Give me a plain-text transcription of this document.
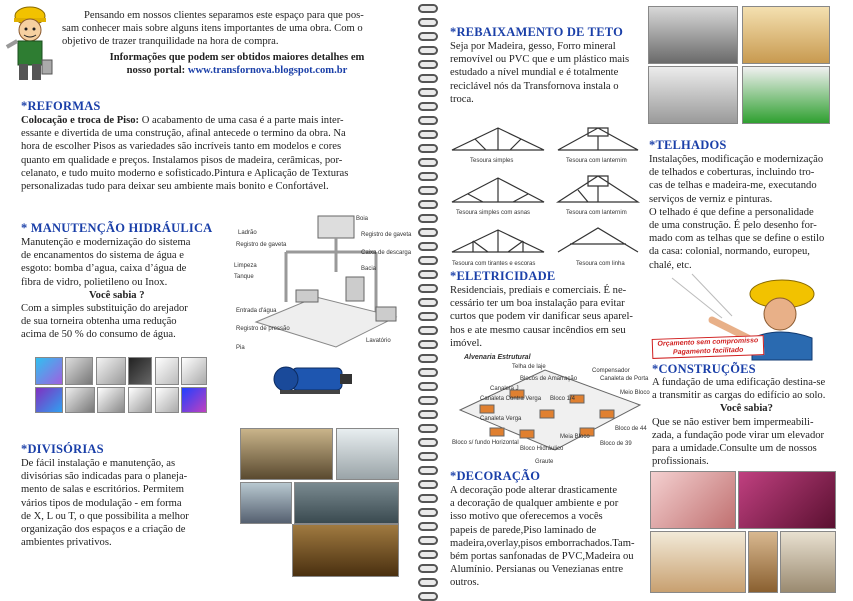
Pensando em nossos clientes separamos este espaço para que pos-
sam conhecer mais sobre alguns itens importantes de uma obra. Com o
objetivo de trazer tranquilidade na hora de compra.
Informações que podem ser obtidos maiores detalhes em
nosso portal: www.transfornova.blogspot.com.br
*REFORMAS
Colocação e troca de Piso: O acabamento de uma casa é a parte mais inter-
essante e divertida de uma construção, afinal antecede o termino da obra. Na
hora de escolher Pisos as variedades são incríveis tanto em modelos e cores
quanto em qualidade e preços. Instalamos pisos de madeira, cerâmicas, por-
celanato, e tudo muito moderno e sofisticado.Pintura e Aplicação de Texturas
personalizadas tudo para deixar seu ambiente mais bonito e Confortável.
* MANUTENÇÃO HIDRÁULICA
Manutenção e modernização do sistema
de encanamentos do sistema de água e
esgoto: bomba d’agua, caixa d’água de
fibra de vidro, polietileno ou Inox.
Você sabia ?
Com a simples substituição do arejador
de sua torneira obtenha uma redução
acima de 50 % do consumo de água.
Boia
Ladrão
Registro de gaveta
Registro de gaveta
Caixa de descarga
Limpeza
Tanque
Bacia
Entrada d'água
Registro de pressão
Pia
Lavatório
*DIVISÓRIAS
De fácil instalação e manutenção, as
divisórias são indicadas para o planeja-
mento de salas e escritórios. Permitem
vários tipos de modulação - em forma
de X, L ou T, o que possibilita a melhor
organização dos espaços e a criação de
ambientes privativos.
*REBAIXAMENTO DE TETO
Seja por Madeira, gesso, Forro mineral
removível ou PVC que e um plástico mais
estudado a nível mundial e é totalmente
reciclável nós da Transfornova instala o
troca.
Tesoura simples	Tesoura com lanternim
Tesoura simples com asnas	Tesoura com lanternim
Tesoura com tirantes e escoras	Tesoura com linha
*TELHADOS
Instalações, modificação e modernização
de telhados e coberturas, incluindo tro-
cas de telhas e madeira-me, executando
serviços de verniz e pinturas.
O telhado é que define a personalidade
de uma construção. É pelo desenho for-
mado com as telhas que se define o estilo
da casa: colonial, normando, europeu,
chalé, etc.
*ELETRICIDADE
Residenciais, prediais e comerciais. É ne-
cessário ter um boa instalação para evitar
curtos que podem vir danificar seus aparel-
hos e ate mesmo causar incêndios em seu
imóvel.	Orçamento sem compromisso
Pagamento facilitado
Alvenaria Estrutural
Telha de laje
Compensador
Canaleta de Porta
Blocos de Amarração
Meio Bloco
Canaleta J
Bloco 1/4
Canaleta Contra Verga
Bloco de 44
Canaleta Verga
Bloco de 39
Bloco s/ fundo Horizontal
Bloco Hidráulico
Graute
Meia Bloco
*CONSTRUÇÕES
A fundação de uma edificação destina-se
a transmitir as cargas do edifício ao solo.
Você sabia?
Que se não estiver bem impermeabili-
zada, a fundação pode virar um elevador
para a umidade.Consulte um de nossos
profissionais.
*DECORAÇÃO
A decoração pode alterar drasticamente
a decoração de qualquer ambiente e por
isso motivo que oferecemos a vocês
papeis de parede,Piso laminado de
madeira,overlay,pisos emborrachados.Tam-
bém portas sanfonadas de PVC,Madeira ou
Alumínio. Persianas ou Venezianas entre
outros.
